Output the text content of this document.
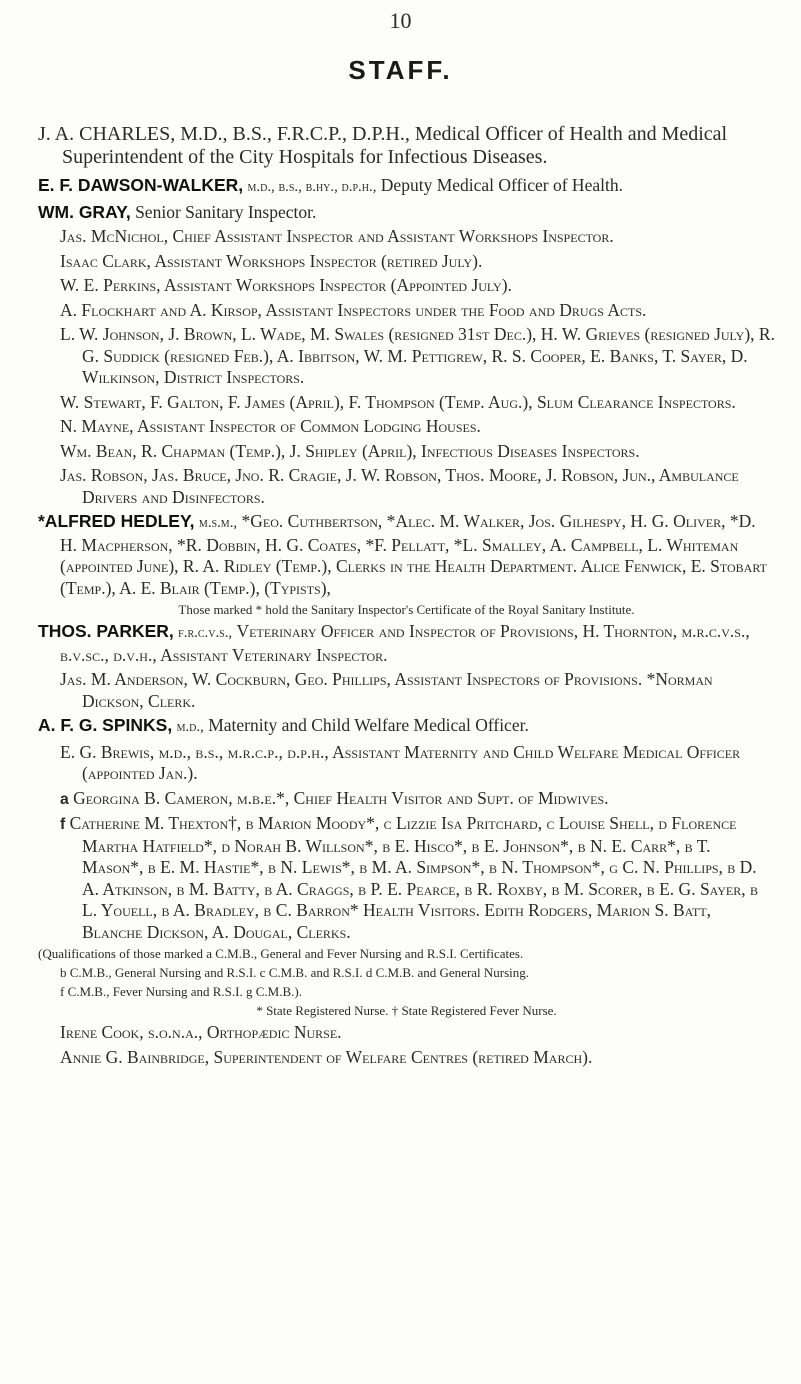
10
STAFF.

J. A. CHARLES, M.D., B.S., F.R.C.P., D.P.H., Medical Officer of Health and Medical Superintendent of the City Hospitals for Infectious Diseases.

E. F. DAWSON-WALKER, m.d., b.s., b.hy., d.p.h., Deputy Medical Officer of Health.

WM. GRAY, Senior Sanitary Inspector.

Jas. McNichol, Chief Assistant Inspector and Assistant Workshops Inspector.

Isaac Clark, Assistant Workshops Inspector (retired July).

W. E. Perkins, Assistant Workshops Inspector (Appointed July).

A. Flockhart and A. Kirsop, Assistant Inspectors under the Food and Drugs Acts.

L. W. Johnson, J. Brown, L. Wade, M. Swales (resigned 31st Dec.), H. W. Grieves (resigned July), R. G. Suddick (resigned Feb.), A. Ibbitson, W. M. Pettigrew, R. S. Cooper, E. Banks, T. Sayer, D. Wilkinson, District Inspectors.

W. Stewart, F. Galton, F. James (April), F. Thompson (Temp. Aug.), Slum Clearance Inspectors.

N. Mayne, Assistant Inspector of Common Lodging Houses.

Wm. Bean, R. Chapman (Temp.), J. Shipley (April), Infectious Diseases Inspectors.

Jas. Robson, Jas. Bruce, Jno. R. Cragie, J. W. Robson, Thos. Moore, J. Robson, Jun., Ambulance Drivers and Disinfectors.

*ALFRED HEDLEY, m.s.m., *Geo. Cuthbertson, *Alec. M. Walker, Jos. Gilhespy, H. G. Oliver, *D. H. Macpherson, *R. Dobbin, H. G. Coates, *F. Pellatt, *L. Smalley, A. Campbell, L. Whiteman (appointed June), R. A. Ridley (Temp.), Clerks in the Health Department. Alice Fenwick, E. Stobart (Temp.), A. E. Blair (Temp.), (Typists),

Those marked * hold the Sanitary Inspector's Certificate of the Royal Sanitary Institute.

THOS. PARKER, f.r.c.v.s., Veterinary Officer and Inspector of Provisions, H. Thornton, m.r.c.v.s., b.v.sc., d.v.h., Assistant Veterinary Inspector.

Jas. M. Anderson, W. Cockburn, Geo. Phillips, Assistant Inspectors of Provisions. *Norman Dickson, Clerk.

A. F. G. SPINKS, m.d., Maternity and Child Welfare Medical Officer.

E. G. Brewis, m.d., b.s., m.r.c.p., d.p.h., Assistant Maternity and Child Welfare Medical Officer (appointed Jan.).

a Georgina B. Cameron, m.b.e.*, Chief Health Visitor and Supt. of Midwives.

f Catherine M. Thexton†, b Marion Moody*, c Lizzie Isa Pritchard, c Louise Shell, d Florence Martha Hatfield*, d Norah B. Willson*, b E. Hisco*, b E. Johnson*, b N. E. Carr*, b T. Mason*, b E. M. Hastie*, b N. Lewis*, b M. A. Simpson*, b N. Thompson*, g C. N. Phillips, b D. A. Atkinson, b M. Batty, b A. Craggs, b P. E. Pearce, b R. Roxby, b M. Scorer, b E. G. Sayer, b L. Youell, b A. Bradley, b C. Barron* Health Visitors. Edith Rodgers, Marion S. Batt, Blanche Dickson, A. Dougal, Clerks.

(Qualifications of those marked a C.M.B., General and Fever Nursing and R.S.I. Certificates.

b C.M.B., General Nursing and R.S.I. c C.M.B. and R.S.I. d C.M.B. and General Nursing.

f C.M.B., Fever Nursing and R.S.I. g C.M.B.).

* State Registered Nurse. † State Registered Fever Nurse.

Irene Cook, s.o.n.a., Orthopædic Nurse.

Annie G. Bainbridge, Superintendent of Welfare Centres (retired March).
